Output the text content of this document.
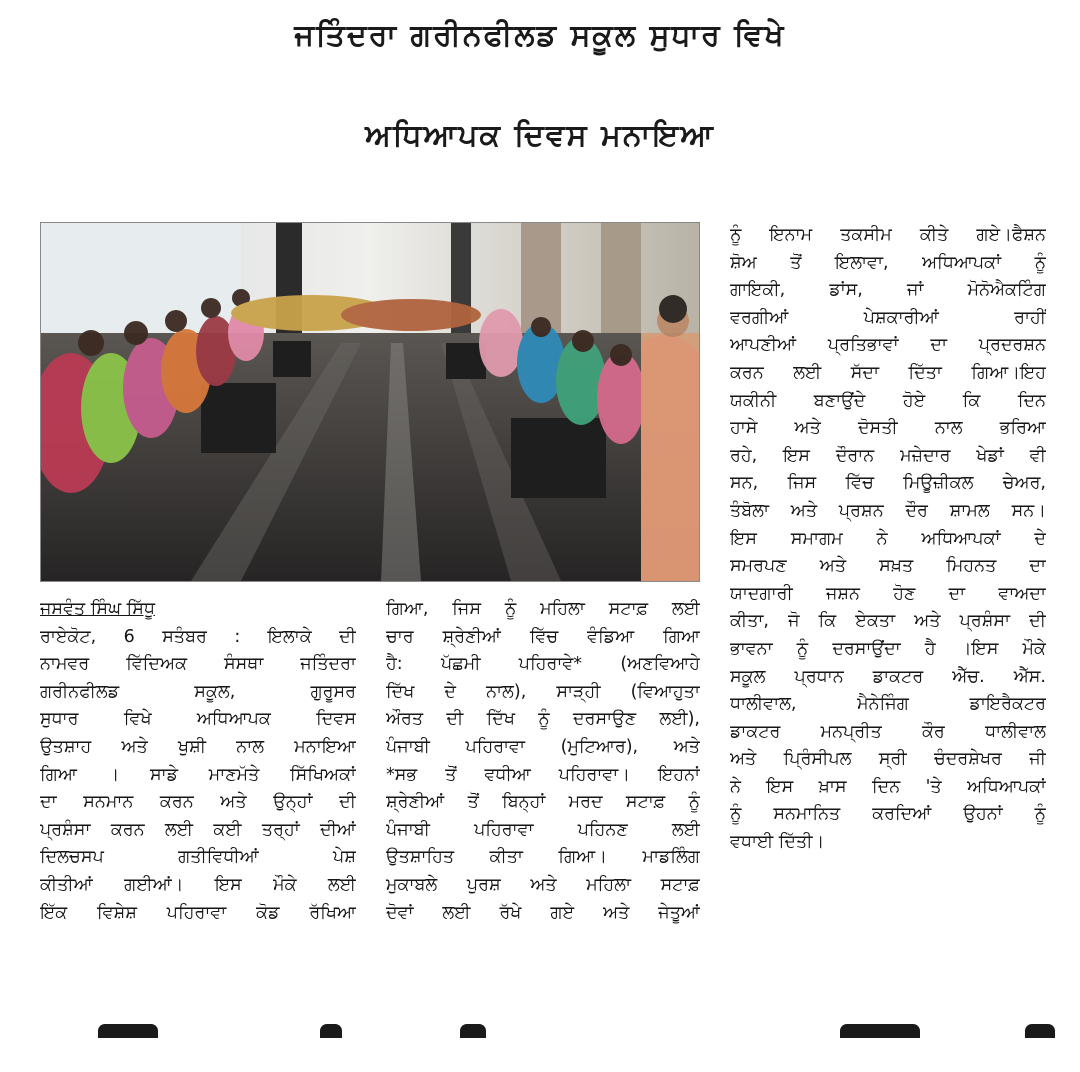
ਜਤਿੰਦਰਾ ਗਰੀਨਫੀਲਡ ਸਕੂਲ ਸੁਧਾਰ ਵਿਖੇ
ਅਧਿਆਪਕ ਦਿਵਸ ਮਨਾਇਆ
ਜਸਵੰਤ ਸਿੰਘ ਸਿੱਧੂ
ਰਾਏਕੋਟ, 6 ਸਤੰਬਰ : ਇਲਾਕੇ ਦੀ
ਨਾਮਵਰ ਵਿੱਦਿਅਕ ਸੰਸਥਾ ਜਤਿੰਦਰਾ
ਗਰੀਨਫੀਲਡ ਸਕੂਲ, ਗੁਰੂਸਰ
ਸੁਧਾਰ ਵਿਖੇ ਅਧਿਆਪਕ ਦਿਵਸ
ਉਤਸ਼ਾਹ ਅਤੇ ਖੁਸ਼ੀ ਨਾਲ ਮਨਾਇਆ
ਗਿਆ । ਸਾਡੇ ਮਾਣਮੱਤੇ ਸਿੱਖਿਅਕਾਂ
ਦਾ ਸਨਮਾਨ ਕਰਨ ਅਤੇ ਉਨ੍ਹਾਂ ਦੀ
ਪ੍ਰਸ਼ੰਸਾ ਕਰਨ ਲਈ ਕਈ ਤਰ੍ਹਾਂ ਦੀਆਂ
ਦਿਲਚਸਪ ਗਤੀਵਿਧੀਆਂ ਪੇਸ਼
ਕੀਤੀਆਂ ਗਈਆਂ। ਇਸ ਮੌਕੇ ਲਈ
ਇੱਕ ਵਿਸ਼ੇਸ਼ ਪਹਿਰਾਵਾ ਕੋਡ ਰੱਖਿਆ
ਗਿਆ, ਜਿਸ ਨੂੰ ਮਹਿਲਾ ਸਟਾਫ਼ ਲਈ
ਚਾਰ ਸ਼੍ਰੇਣੀਆਂ ਵਿੱਚ ਵੰਡਿਆ ਗਿਆ
ਹੈ: ਪੱਛਮੀ ਪਹਿਰਾਵੇ* (ਅਣਵਿਆਹੇ
ਦਿੱਖ ਦੇ ਨਾਲ), ਸਾੜ੍ਹੀ (ਵਿਆਹੁਤਾ
ਔਰਤ ਦੀ ਦਿੱਖ ਨੂੰ ਦਰਸਾਉਣ ਲਈ),
ਪੰਜਾਬੀ ਪਹਿਰਾਵਾ (ਮੁਟਿਆਰ), ਅਤੇ
*ਸਭ ਤੋਂ ਵਧੀਆ ਪਹਿਰਾਵਾ। ਇਹਨਾਂ
ਸ਼੍ਰੇਣੀਆਂ ਤੋਂ ਬਿਨ੍ਹਾਂ ਮਰਦ ਸਟਾਫ਼ ਨੂੰ
ਪੰਜਾਬੀ ਪਹਿਰਾਵਾ ਪਹਿਨਣ ਲਈ
ਉਤਸ਼ਾਹਿਤ ਕੀਤਾ ਗਿਆ। ਮਾਡਲਿੰਗ
ਮੁਕਾਬਲੇ ਪੁਰਸ਼ ਅਤੇ ਮਹਿਲਾ ਸਟਾਫ਼
ਦੋਵਾਂ ਲਈ ਰੱਖੇ ਗਏ ਅਤੇ ਜੇਤੂਆਂ
ਨੂੰ ਇਨਾਮ ਤਕਸੀਮ ਕੀਤੇ ਗਏ।ਫੈਸ਼ਨ
ਸ਼ੋਅ ਤੋਂ ਇਲਾਵਾ, ਅਧਿਆਪਕਾਂ ਨੂੰ
ਗਾਇਕੀ, ਡਾਂਸ, ਜਾਂ ਮੋਨੋਐਕਟਿੰਗ
ਵਰਗੀਆਂ ਪੇਸ਼ਕਾਰੀਆਂ ਰਾਹੀਂ
ਆਪਣੀਆਂ ਪ੍ਰਤਿਭਾਵਾਂ ਦਾ ਪ੍ਰਦਰਸ਼ਨ
ਕਰਨ ਲਈ ਸੱਦਾ ਦਿੱਤਾ ਗਿਆ।ਇਹ
ਯਕੀਨੀ ਬਣਾਉਂਦੇ ਹੋਏ ਕਿ ਦਿਨ
ਹਾਸੇ ਅਤੇ ਦੋਸਤੀ ਨਾਲ ਭਰਿਆ
ਰਹੇ, ਇਸ ਦੌਰਾਨ ਮਜ਼ੇਦਾਰ ਖੇਡਾਂ ਵੀ
ਸਨ, ਜਿਸ ਵਿੱਚ ਮਿਊਜ਼ੀਕਲ ਚੇਅਰ,
ਤੰਬੋਲਾ ਅਤੇ ਪ੍ਰਸ਼ਨ ਦੌਰ ਸ਼ਾਮਲ ਸਨ।
ਇਸ ਸਮਾਗਮ ਨੇ ਅਧਿਆਪਕਾਂ ਦੇ
ਸਮਰਪਣ ਅਤੇ ਸਖ਼ਤ ਮਿਹਨਤ ਦਾ
ਯਾਦਗਾਰੀ ਜਸ਼ਨ ਹੋਣ ਦਾ ਵਾਅਦਾ
ਕੀਤਾ, ਜੋ ਕਿ ਏਕਤਾ ਅਤੇ ਪ੍ਰਸ਼ੰਸਾ ਦੀ
ਭਾਵਨਾ ਨੂੰ ਦਰਸਾਉਂਦਾ ਹੈ ।ਇਸ ਮੌਕੇ
ਸਕੂਲ ਪ੍ਰਧਾਨ ਡਾਕਟਰ ਐੱਚ. ਐੱਸ.
ਧਾਲੀਵਾਲ, ਮੈਨੇਜਿੰਗ ਡਾਇਰੈਕਟਰ
ਡਾਕਟਰ ਮਨਪ੍ਰੀਤ ਕੌਰ ਧਾਲੀਵਾਲ
ਅਤੇ ਪ੍ਰਿੰਸੀਪਲ ਸ੍ਰੀ ਚੰਦਰਸ਼ੇਖਰ ਜੀ
ਨੇ ਇਸ ਖ਼ਾਸ ਦਿਨ 'ਤੇ ਅਧਿਆਪਕਾਂ
ਨੂੰ ਸਨਮਾਨਿਤ ਕਰਦਿਆਂ ਉਹਨਾਂ ਨੂੰ
ਵਧਾਈ ਦਿੱਤੀ।
